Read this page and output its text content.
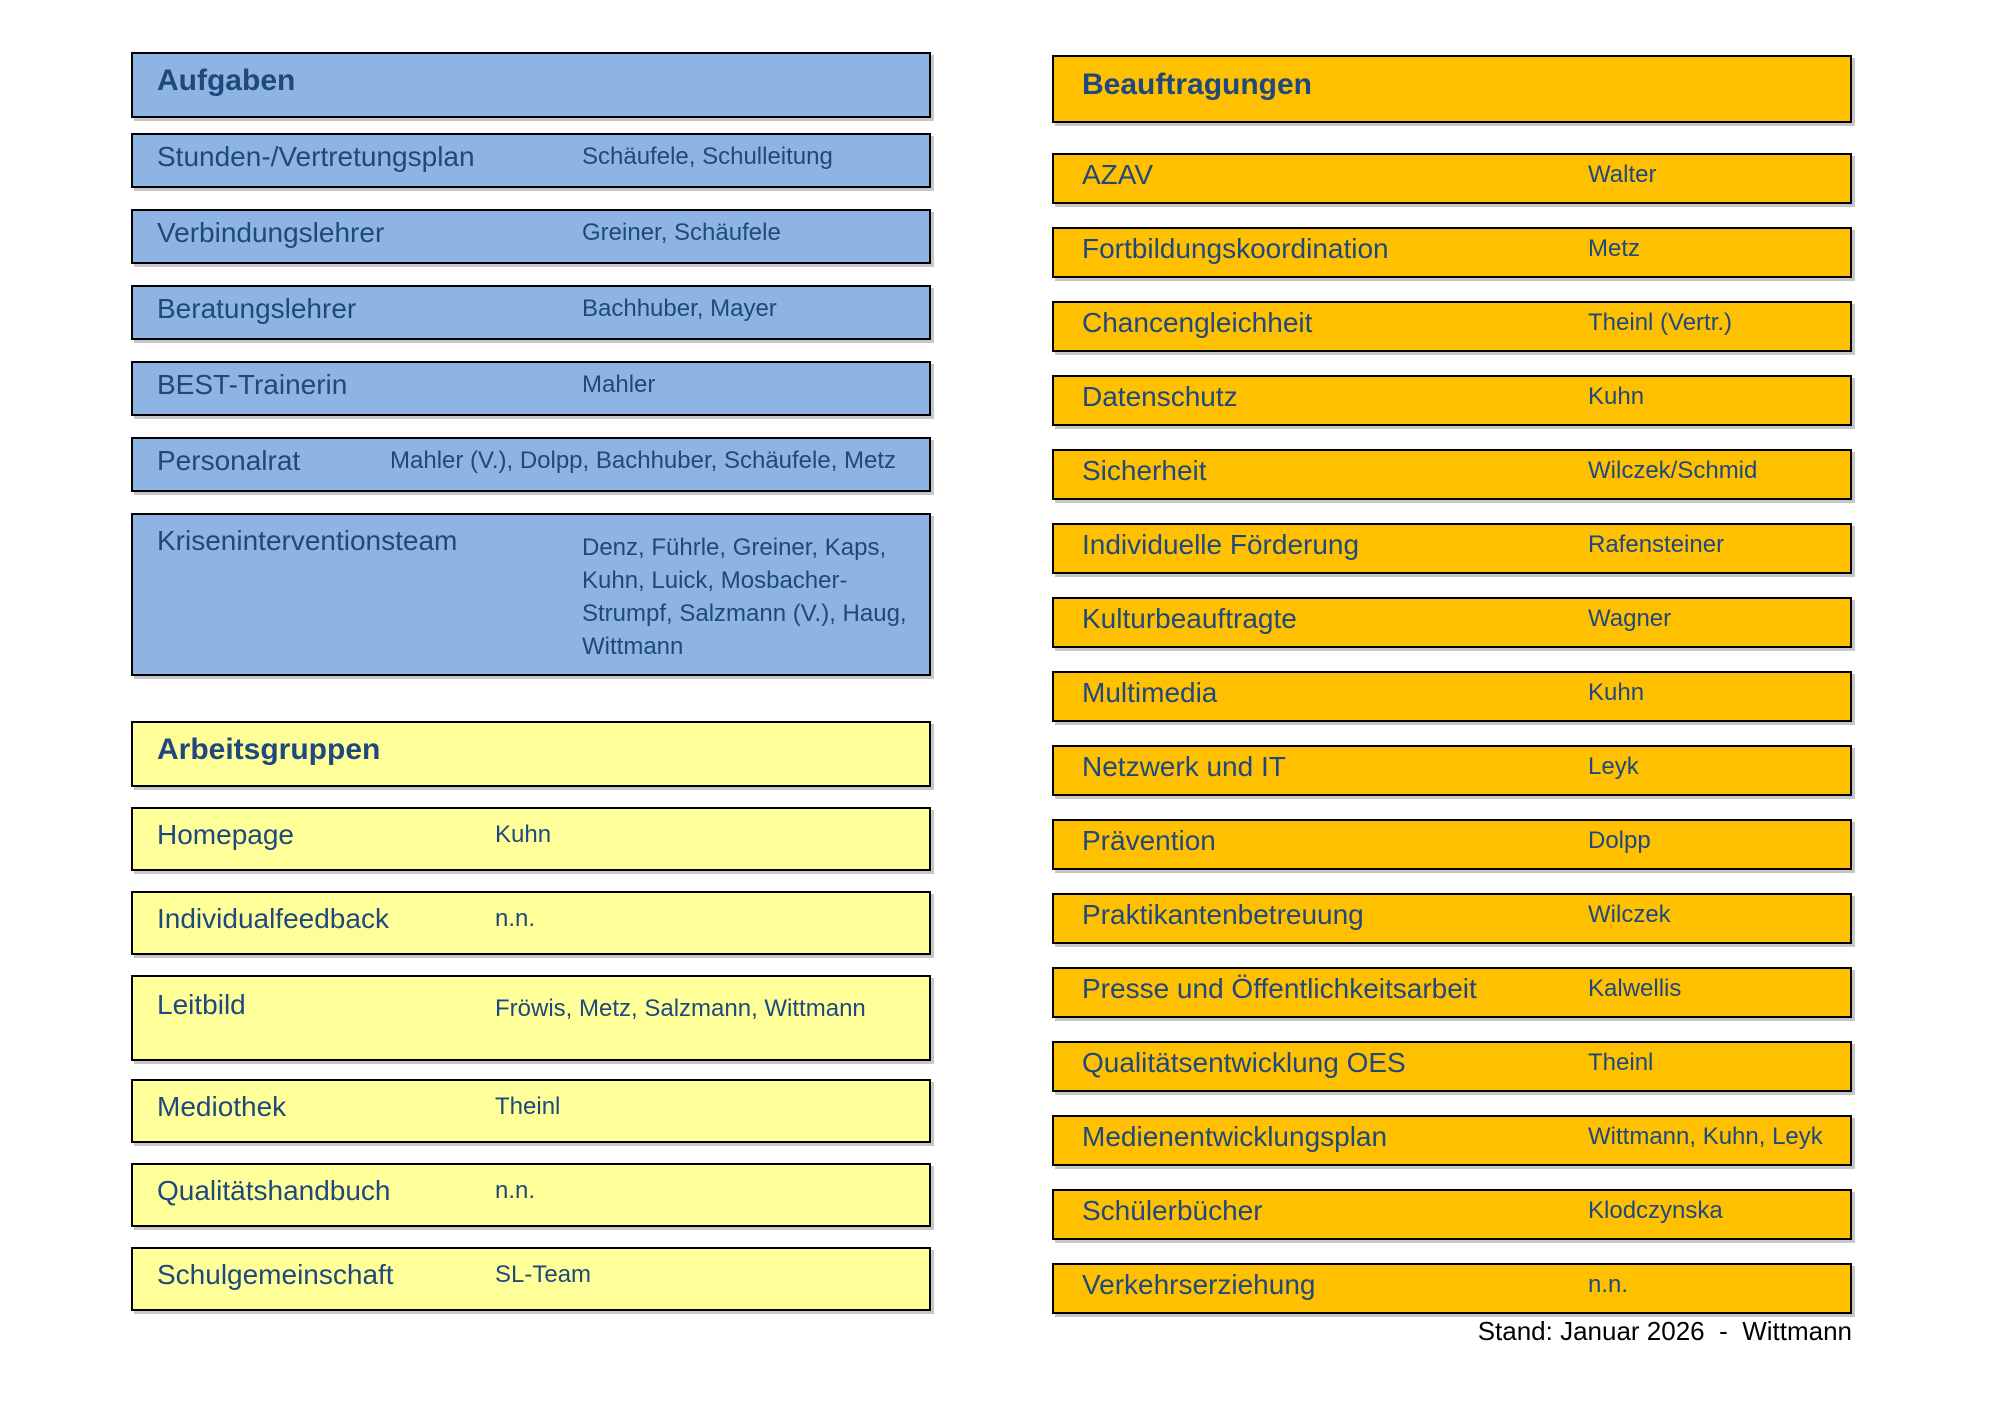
Aufgaben
Stunden-/Vertretungsplan	Schäufele, Schulleitung
Verbindungslehrer	Greiner, Schäufele
Beratungslehrer	Bachhuber, Mayer
BEST-Trainerin	Mahler
Personalrat	Mahler (V.), Dolpp, Bachhuber, Schäufele, Metz
Kriseninterventionsteam	Denz, Führle, Greiner, Kaps, Kuhn, Luick, Mosbacher-Strumpf, Salzmann (V.), Haug, Wittmann
Arbeitsgruppen
Homepage	Kuhn
Individualfeedback	n.n.
Leitbild	Fröwis, Metz, Salzmann, Wittmann
Mediothek	Theinl
Qualitätshandbuch	n.n.
Schulgemeinschaft	SL-Team
Beauftragungen
AZAV	Walter
Fortbildungskoordination	Metz
Chancengleichheit	Theinl (Vertr.)
Datenschutz	Kuhn
Sicherheit	Wilczek/Schmid
Individuelle Förderung	Rafensteiner
Kulturbeauftragte	Wagner
Multimedia	Kuhn
Netzwerk und IT	Leyk
Prävention	Dolpp
Praktikantenbetreuung	Wilczek
Presse und Öffentlichkeitsarbeit	Kalwellis
Qualitätsentwicklung OES	Theinl
Medienentwicklungsplan	Wittmann, Kuhn, Leyk
Schülerbücher	Klodczynska
Verkehrserziehung	n.n.
Stand: Januar 2026  -  Wittmann
